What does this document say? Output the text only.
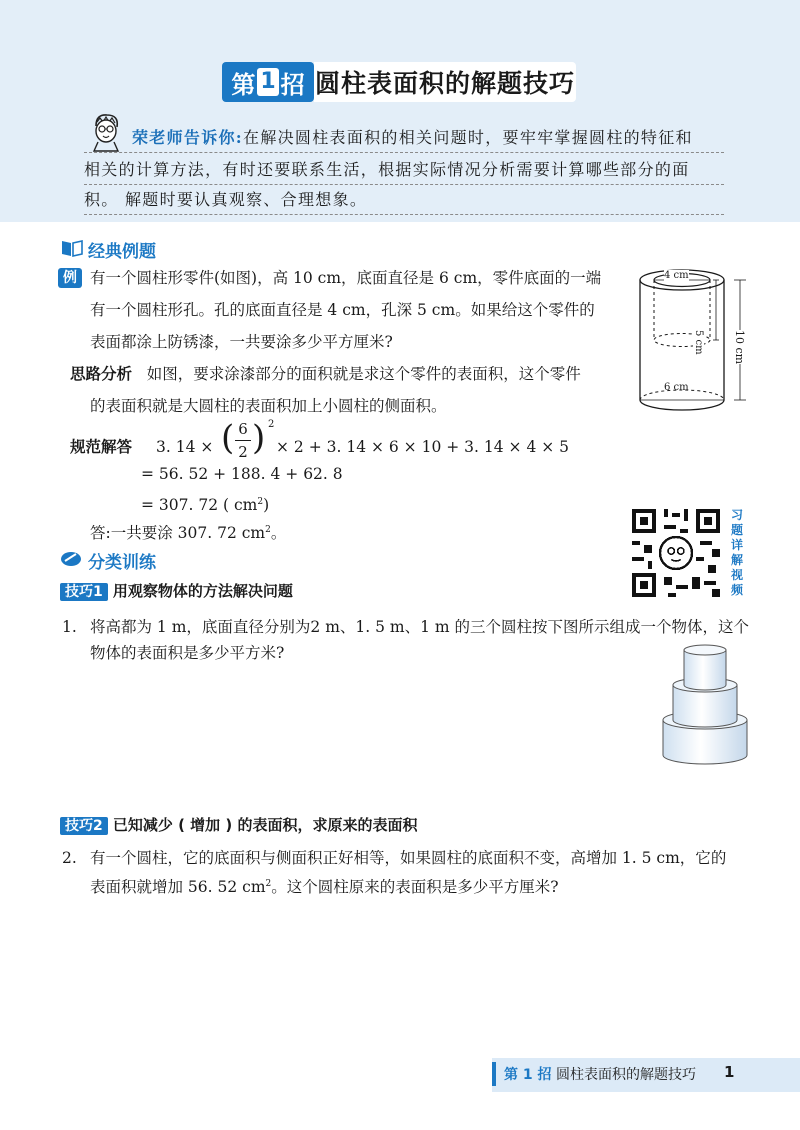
第 1 招 圆柱表面积的解题技巧
荣老师告诉你:在解决圆柱表面积的相关问题时，要牢牢掌握圆柱的特征和
相关的计算方法，有时还要联系生活，根据实际情况分析需要计算哪些部分的面
积。 解题时要认真观察、合理想象。
经典例题
例 有一个圆柱形零件(如图)，高 10 cm，底面直径是 6 cm，零件底面的一端
有一个圆柱形孔。孔的底面直径是 4 cm，孔深 5 cm。如果给这个零件的
表面都涂上防锈漆，一共要涂多少平方厘米?
思路分析 如图，要求涂漆部分的面积就是求这个零件的表面积，这个零件
的表面积就是大圆柱的表面积加上小圆柱的侧面积。
规范解答 3. 14 × ( 6
2 ) 2
× 2 + 3. 14 × 6 × 10 + 3. 14 × 4 × 5
= 56. 52 + 188. 4 + 62. 8
= 307. 72 ( $cm^2$)
答:一共要涂 307. 72 $cm^2$。
4 cm
5 cm	10 cm
6 cm
习
题
详
解
视
频
分类训练
技巧1 用观察物体的方法解决问题
1. 将高都为 1 m，底面直径分别为2 m、1. 5 m、1 m 的三个圆柱按下图所示组成一个物体，这个
物体的表面积是多少平方米?
技巧2 已知减少 ( 增加 ) 的表面积，求原来的表面积
2. 有一个圆柱，它的底面积与侧面积正好相等，如果圆柱的底面积不变，高增加 1. 5 cm，它的
表面积就增加 56. 52 $cm^2$。这个圆柱原来的表面积是多少平方厘米?
第 1 招 圆柱表面积的解题技巧 1
